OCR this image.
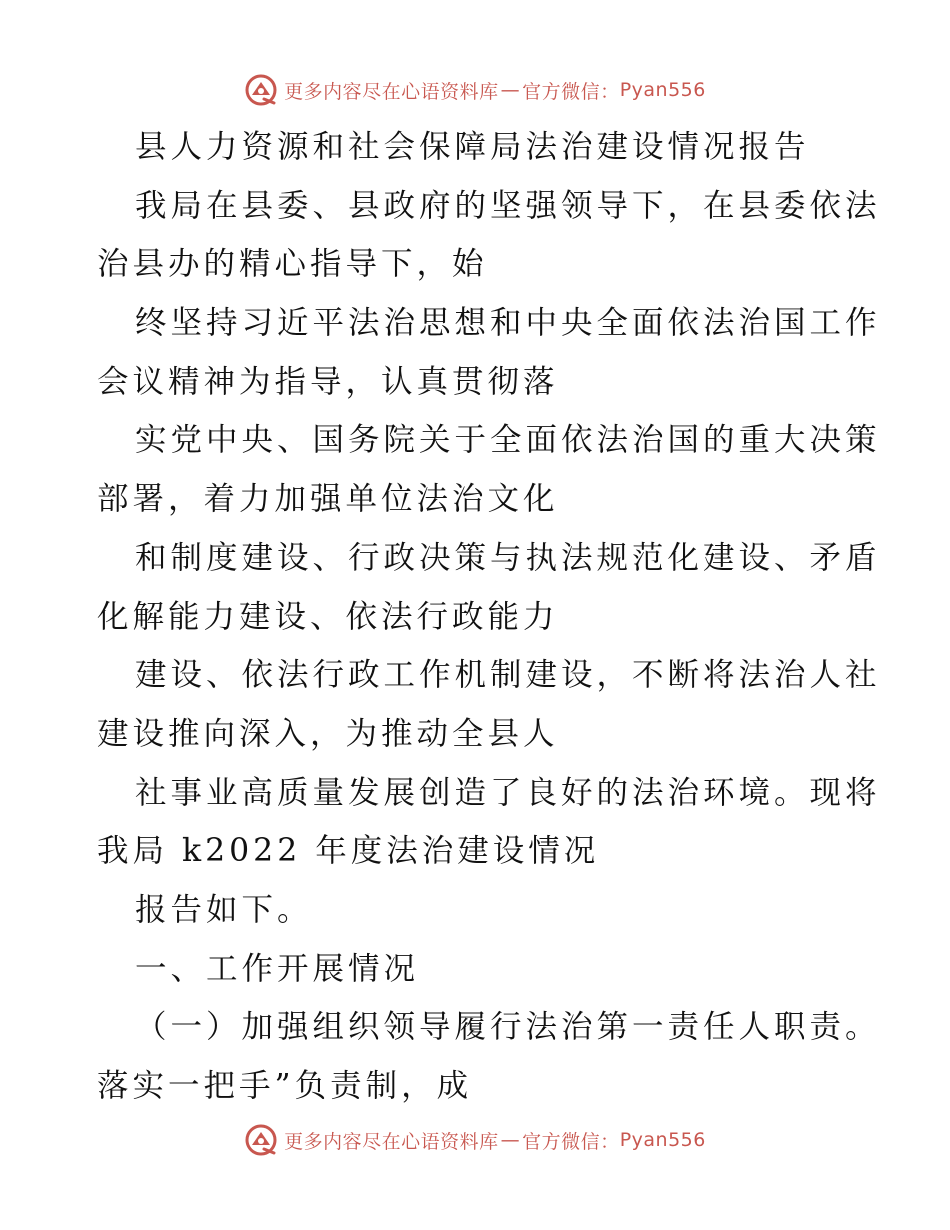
更多内容尽在心语资料库 — 官方微信： Pyan556

县人力资源和社会保障局法治建设情况报告

我局在县委、县政府的坚强领导下，在县委依法

治县办的精心指导下，始

终坚持习近平法治思想和中央全面依法治国工作

会议精神为指导，认真贯彻落

实党中央、国务院关于全面依法治国的重大决策

部署，着力加强单位法治文化

和制度建设、行政决策与执法规范化建设、矛盾

化解能力建设、依法行政能力

建设、依法行政工作机制建设，不断将法治人社

建设推向深入，为推动全县人

社事业高质量发展创造了良好的法治环境。现将

我局 k2022 年度法治建设情况

报告如下。

一、工作开展情况

（一）加强组织领导履行法治第一责任人职责。

落实一把手”负责制，成

更多内容尽在心语资料库 — 官方微信： Pyan556
